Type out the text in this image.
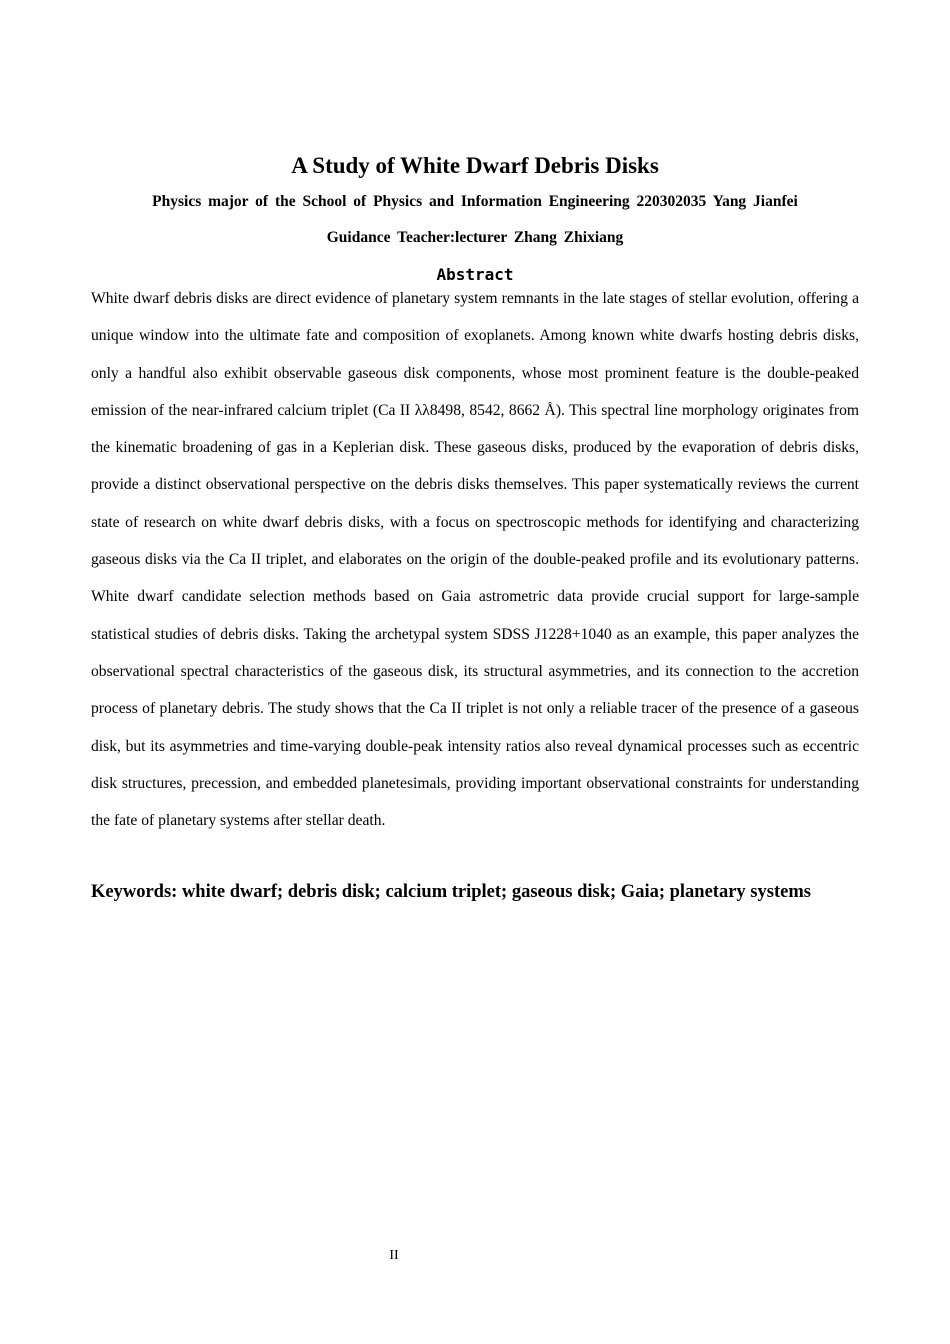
A Study of White Dwarf Debris Disks

Physics major of the School of Physics and Information Engineering 220302035 Yang Jianfei

Guidance Teacher:lecturer Zhang Zhixiang

Abstract

White dwarf debris disks are direct evidence of planetary system remnants in the late stages of stellar evolution, offering a unique window into the ultimate fate and composition of exoplanets. Among known white dwarfs hosting debris disks, only a handful also exhibit observable gaseous disk components, whose most prominent feature is the double-peaked emission of the near-infrared calcium triplet (Ca II λλ8498, 8542, 8662 Å). This spectral line morphology originates from the kinematic broadening of gas in a Keplerian disk. These gaseous disks, produced by the evaporation of debris disks, provide a distinct observational perspective on the debris disks themselves. This paper systematically reviews the current state of research on white dwarf debris disks, with a focus on spectroscopic methods for identifying and characterizing gaseous disks via the Ca II triplet, and elaborates on the origin of the double-peaked profile and its evolutionary patterns. White dwarf candidate selection methods based on Gaia astrometric data provide crucial support for large-sample statistical studies of debris disks. Taking the archetypal system SDSS J1228+1040 as an example, this paper analyzes the observational spectral characteristics of the gaseous disk, its structural asymmetries, and its connection to the accretion process of planetary debris. The study shows that the Ca II triplet is not only a reliable tracer of the presence of a gaseous disk, but its asymmetries and time-varying double-peak intensity ratios also reveal dynamical processes such as eccentric disk structures, precession, and embedded planetesimals, providing important observational constraints for understanding the fate of planetary systems after stellar death.

Keywords: white dwarf; debris disk; calcium triplet; gaseous disk; Gaia; planetary systems

II
